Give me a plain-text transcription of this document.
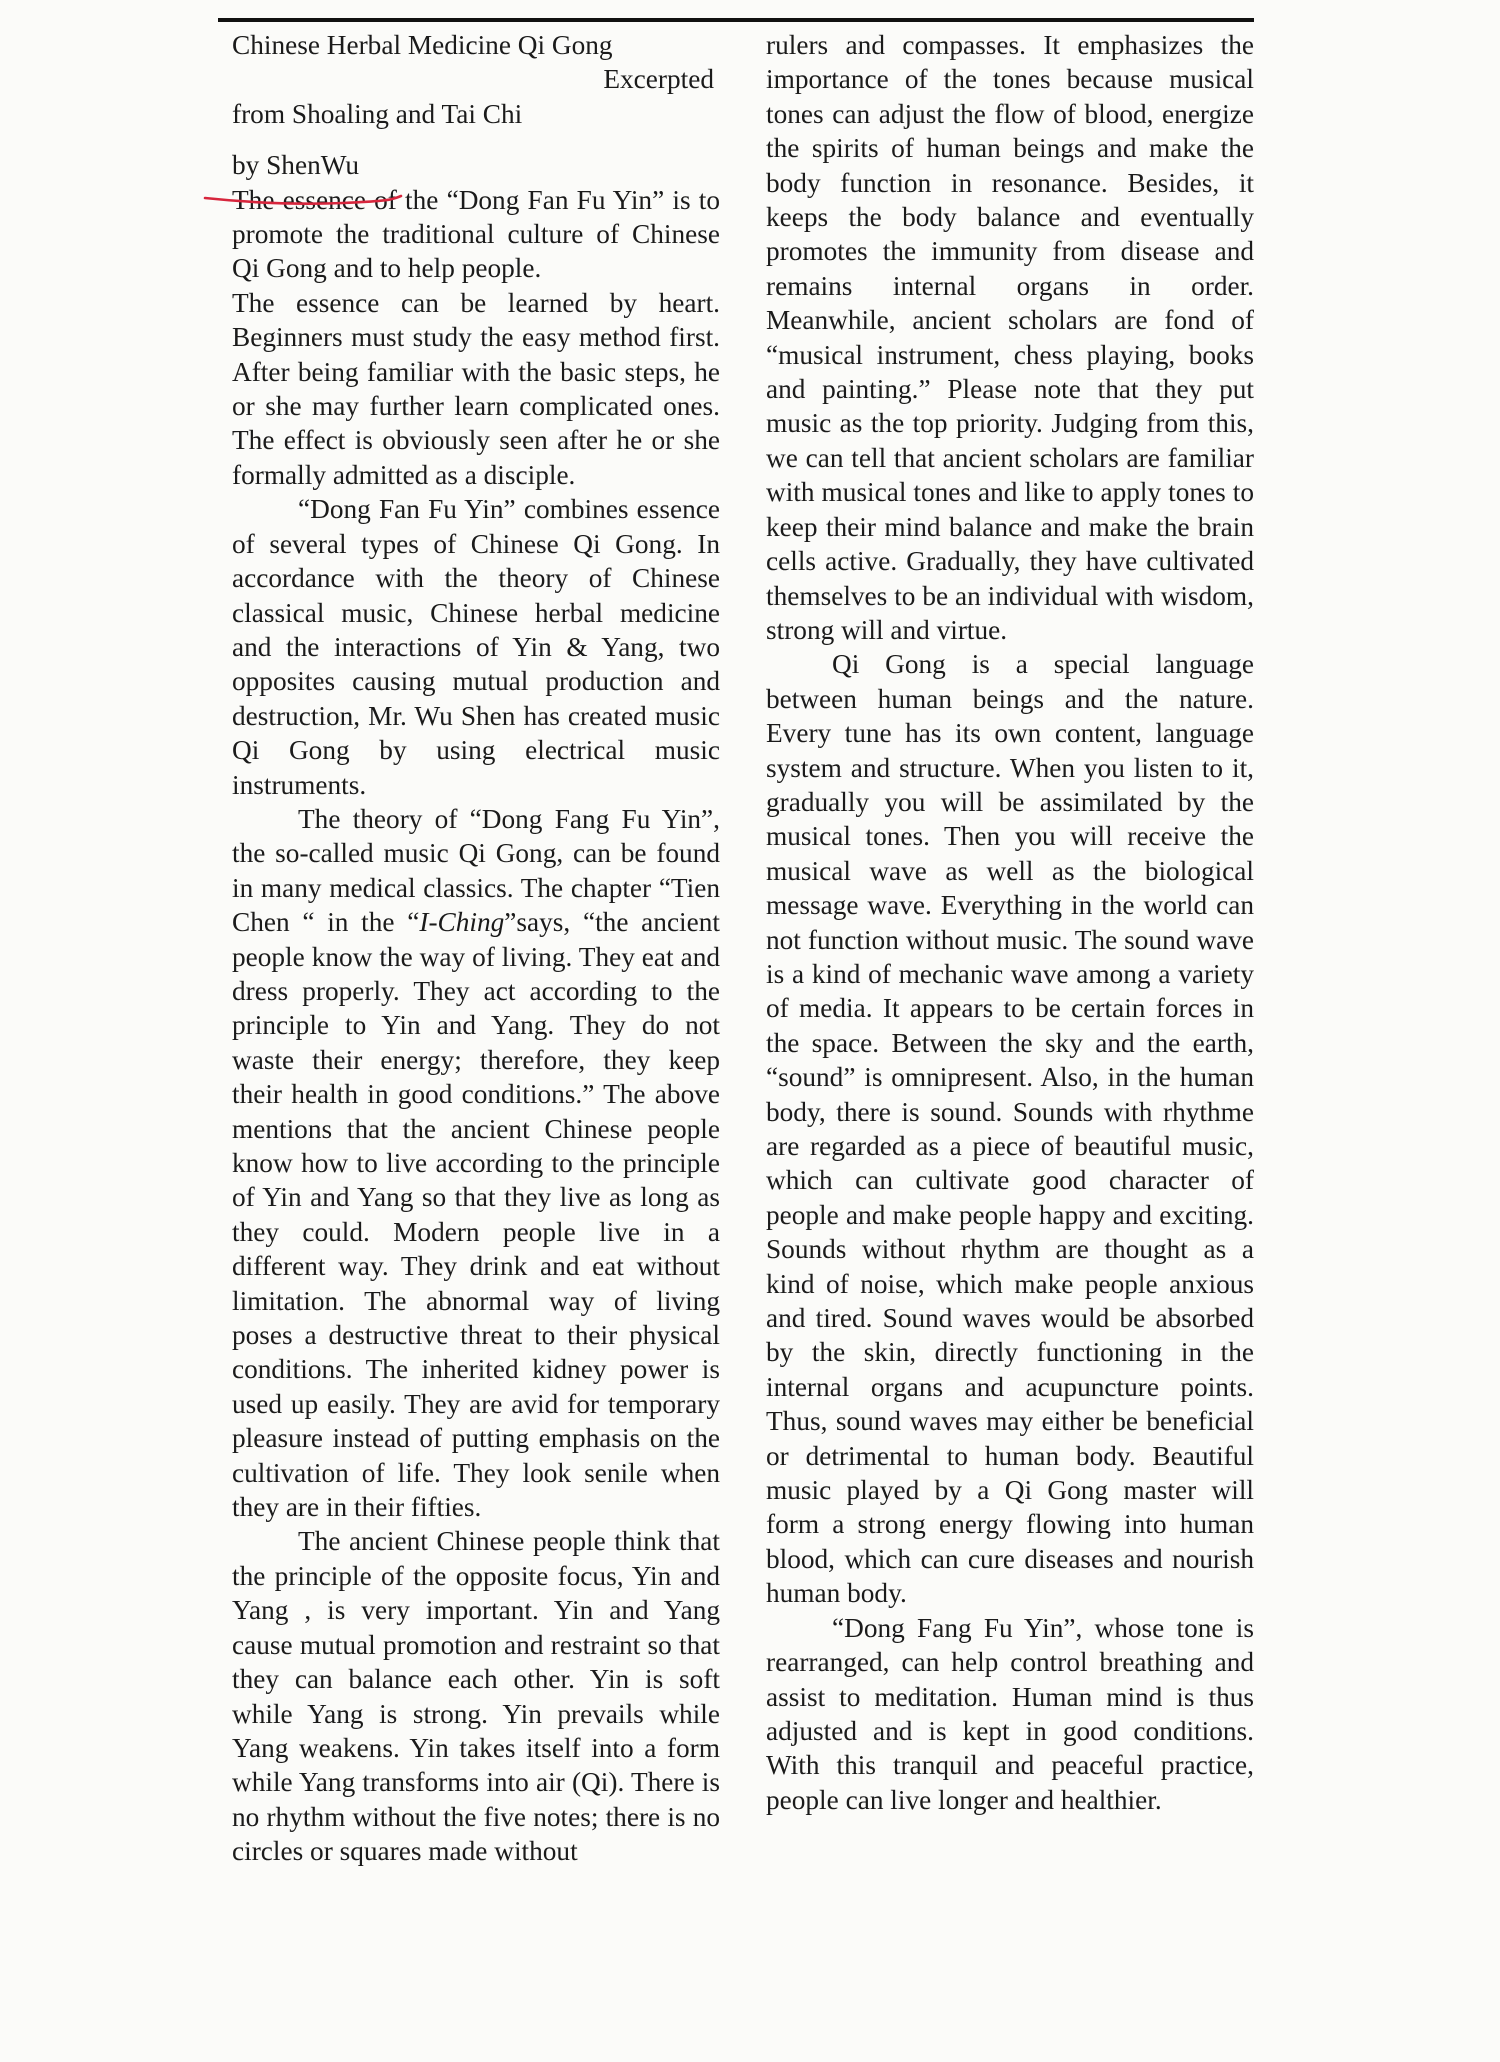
Chinese Herbal Medicine Qi Gong

Excerpted

from Shoaling and Tai Chi

by ShenWu

The essence of the “Dong Fan Fu Yin” is to promote the traditional culture of Chinese Qi Gong and to help people.

The essence can be learned by heart. Beginners must study the easy method first. After being familiar with the basic steps, he or she may further learn complicated ones. The effect is obviously seen after he or she formally admitted as a disciple.

“Dong Fan Fu Yin” combines essence of several types of Chinese Qi Gong. In accordance with the theory of Chinese classical music, Chinese herbal medicine and the interactions of Yin & Yang, two opposites causing mutual production and destruction, Mr. Wu Shen has created music Qi Gong by using electrical music instruments.

The theory of “Dong Fang Fu Yin”, the so-called music Qi Gong, can be found in many medical classics. The chapter “Tien Chen “ in the “I-Ching”says, “the ancient people know the way of living. They eat and dress properly. They act according to the principle to Yin and Yang. They do not waste their energy; therefore, they keep their health in good conditions.” The above mentions that the ancient Chinese people know how to live according to the principle of Yin and Yang so that they live as long as they could. Modern people live in a different way. They drink and eat without limitation. The abnormal way of living poses a destructive threat to their physical conditions. The inherited kidney power is used up easily. They are avid for temporary pleasure instead of putting emphasis on the cultivation of life. They look senile when they are in their fifties.

The ancient Chinese people think that the principle of the opposite focus, Yin and Yang , is very important. Yin and Yang cause mutual promotion and restraint so that they can balance each other. Yin is soft while Yang is strong. Yin prevails while Yang weakens. Yin takes itself into a form while Yang transforms into air (Qi). There is no rhythm without the five notes; there is no circles or squares made without

rulers and compasses. It emphasizes the importance of the tones because musical tones can adjust the flow of blood, energize the spirits of human beings and make the body function in resonance. Besides, it keeps the body balance and eventually promotes the immunity from disease and remains internal organs in order. Meanwhile, ancient scholars are fond of “musical instrument, chess playing, books and painting.” Please note that they put music as the top priority. Judging from this, we can tell that ancient scholars are familiar with musical tones and like to apply tones to keep their mind balance and make the brain cells active. Gradually, they have cultivated themselves to be an individual with wisdom, strong will and virtue.

Qi Gong is a special language between human beings and the nature. Every tune has its own content, language system and structure. When you listen to it, gradually you will be assimilated by the musical tones. Then you will receive the musical wave as well as the biological message wave. Everything in the world can not function without music. The sound wave is a kind of mechanic wave among a variety of media. It appears to be certain forces in the space. Between the sky and the earth, “sound” is omnipresent. Also, in the human body, there is sound. Sounds with rhythme are regarded as a piece of beautiful music, which can cultivate good character of people and make people happy and exciting. Sounds without rhythm are thought as a kind of noise, which make people anxious and tired. Sound waves would be absorbed by the skin, directly functioning in the internal organs and acupuncture points. Thus, sound waves may either be beneficial or detrimental to human body. Beautiful music played by a Qi Gong master will form a strong energy flowing into human blood, which can cure diseases and nourish human body.

“Dong Fang Fu Yin”, whose tone is rearranged, can help control breathing and assist to meditation. Human mind is thus adjusted and is kept in good conditions. With this tranquil and peaceful practice, people can live longer and healthier.
